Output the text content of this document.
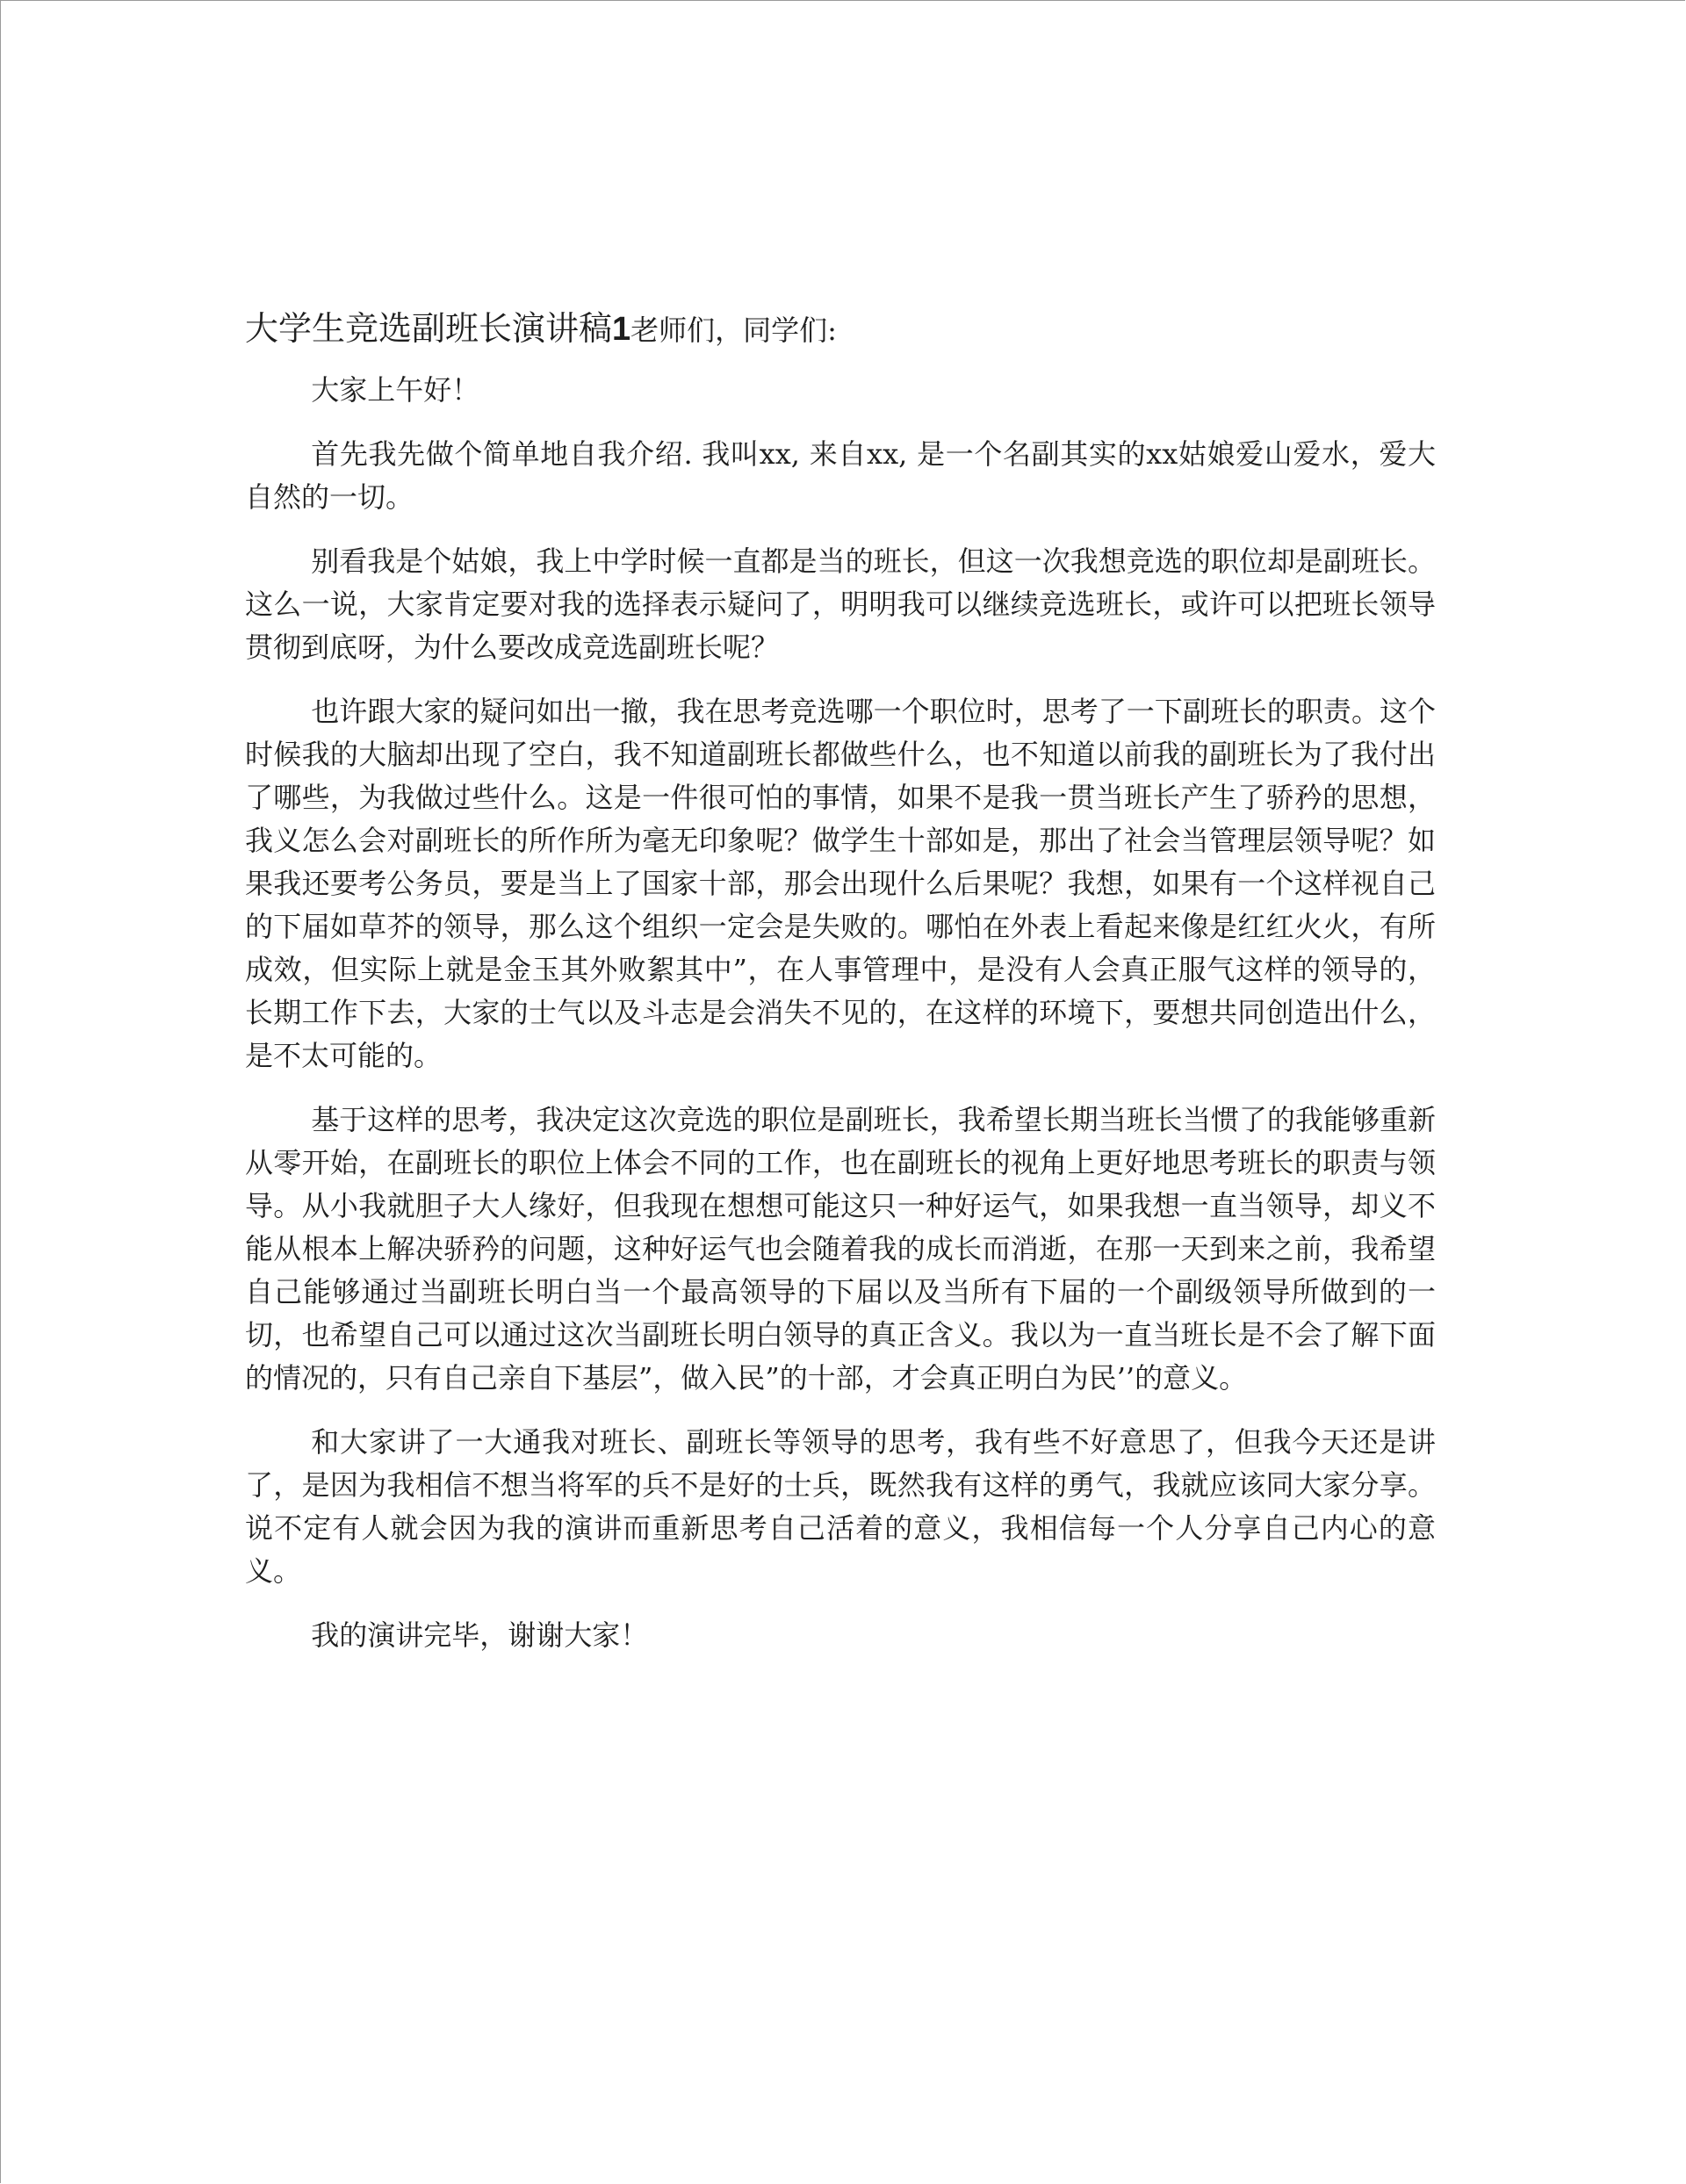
大学生竞选副班长演讲稿1老师们，同学们:

大家上午好！

首先我先做个简单地自我介绍. 我叫xx, 来自xx, 是一个名副其实的xx姑娘爱山爱水，爱大自然的一切。

别看我是个姑娘，我上中学时候一直都是当的班长，但这一次我想竞选的职位却是副班长。这么一说，大家肯定要对我的选择表示疑问了，明明我可以继续竞选班长，或许可以把班长领导贯彻到底呀，为什么要改成竞选副班长呢？

也许跟大家的疑问如出一撤，我在思考竞选哪一个职位时，思考了一下副班长的职责。这个时候我的大脑却出现了空白，我不知道副班长都做些什么，也不知道以前我的副班长为了我付出了哪些，为我做过些什么。这是一件很可怕的事情，如果不是我一贯当班长产生了骄矜的思想，我义怎么会对副班长的所作所为毫无印象呢？做学生十部如是，那出了社会当管理层领导呢？如果我还要考公务员，要是当上了国家十部，那会出现什么后果呢？我想，如果有一个这样视自己的下届如草芥的领导，那么这个组织一定会是失败的。哪怕在外表上看起来像是红红火火，有所成效，但实际上就是金玉其外败絮其中”，在人事管理中，是没有人会真正服气这样的领导的，长期工作下去，大家的士气以及斗志是会消失不见的，在这样的环境下，要想共同创造出什么，是不太可能的。

基于这样的思考，我决定这次竞选的职位是副班长，我希望长期当班长当惯了的我能够重新从零开始，在副班长的职位上体会不同的工作，也在副班长的视角上更好地思考班长的职责与领导。从小我就胆子大人缘好，但我现在想想可能这只一种好运气，如果我想一直当领导，却义不能从根本上解决骄矜的问题，这种好运气也会随着我的成长而消逝，在那一天到来之前，我希望自己能够通过当副班长明白当一个最高领导的下届以及当所有下届的一个副级领导所做到的一切，也希望自己可以通过这次当副班长明白领导的真正含义。我以为一直当班长是不会了解下面的情况的，只有自己亲自下基层”，做入民”的十部，才会真正明白为民’’的意义。

和大家讲了一大通我对班长、副班长等领导的思考，我有些不好意思了，但我今天还是讲了，是因为我相信不想当将军的兵不是好的士兵，既然我有这样的勇气，我就应该同大家分享。说不定有人就会因为我的演讲而重新思考自己活着的意义，我相信每一个人分享自己内心的意义。

我的演讲完毕，谢谢大家！
